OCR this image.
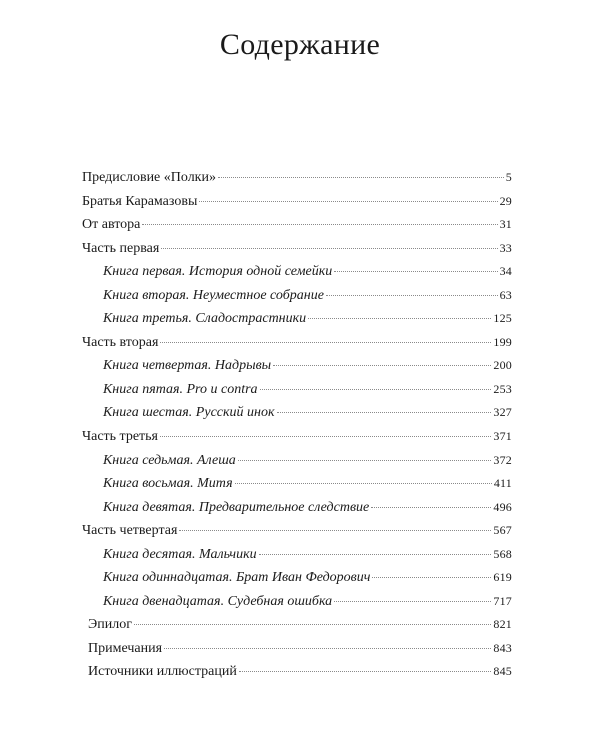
Содержание
Предисловие «Полки»	5
Братья Карамазовы	29
От автора	31
Часть первая	33
Книга первая. История одной семейки	34
Книга вторая. Неуместное собрание	63
Книга третья. Сладострастники	125
Часть вторая	199
Книга четвертая. Надрывы	200
Книга пятая. Pro и contra	253
Книга шестая. Русский инок	327
Часть третья	371
Книга седьмая. Алеша	372
Книга восьмая. Митя	411
Книга девятая. Предварительное следствие	496
Часть четвертая	567
Книга десятая. Мальчики	568
Книга одиннадцатая. Брат Иван Федорович	619
Книга двенадцатая. Судебная ошибка	717
Эпилог	821
Примечания	843
Источники иллюстраций	845
